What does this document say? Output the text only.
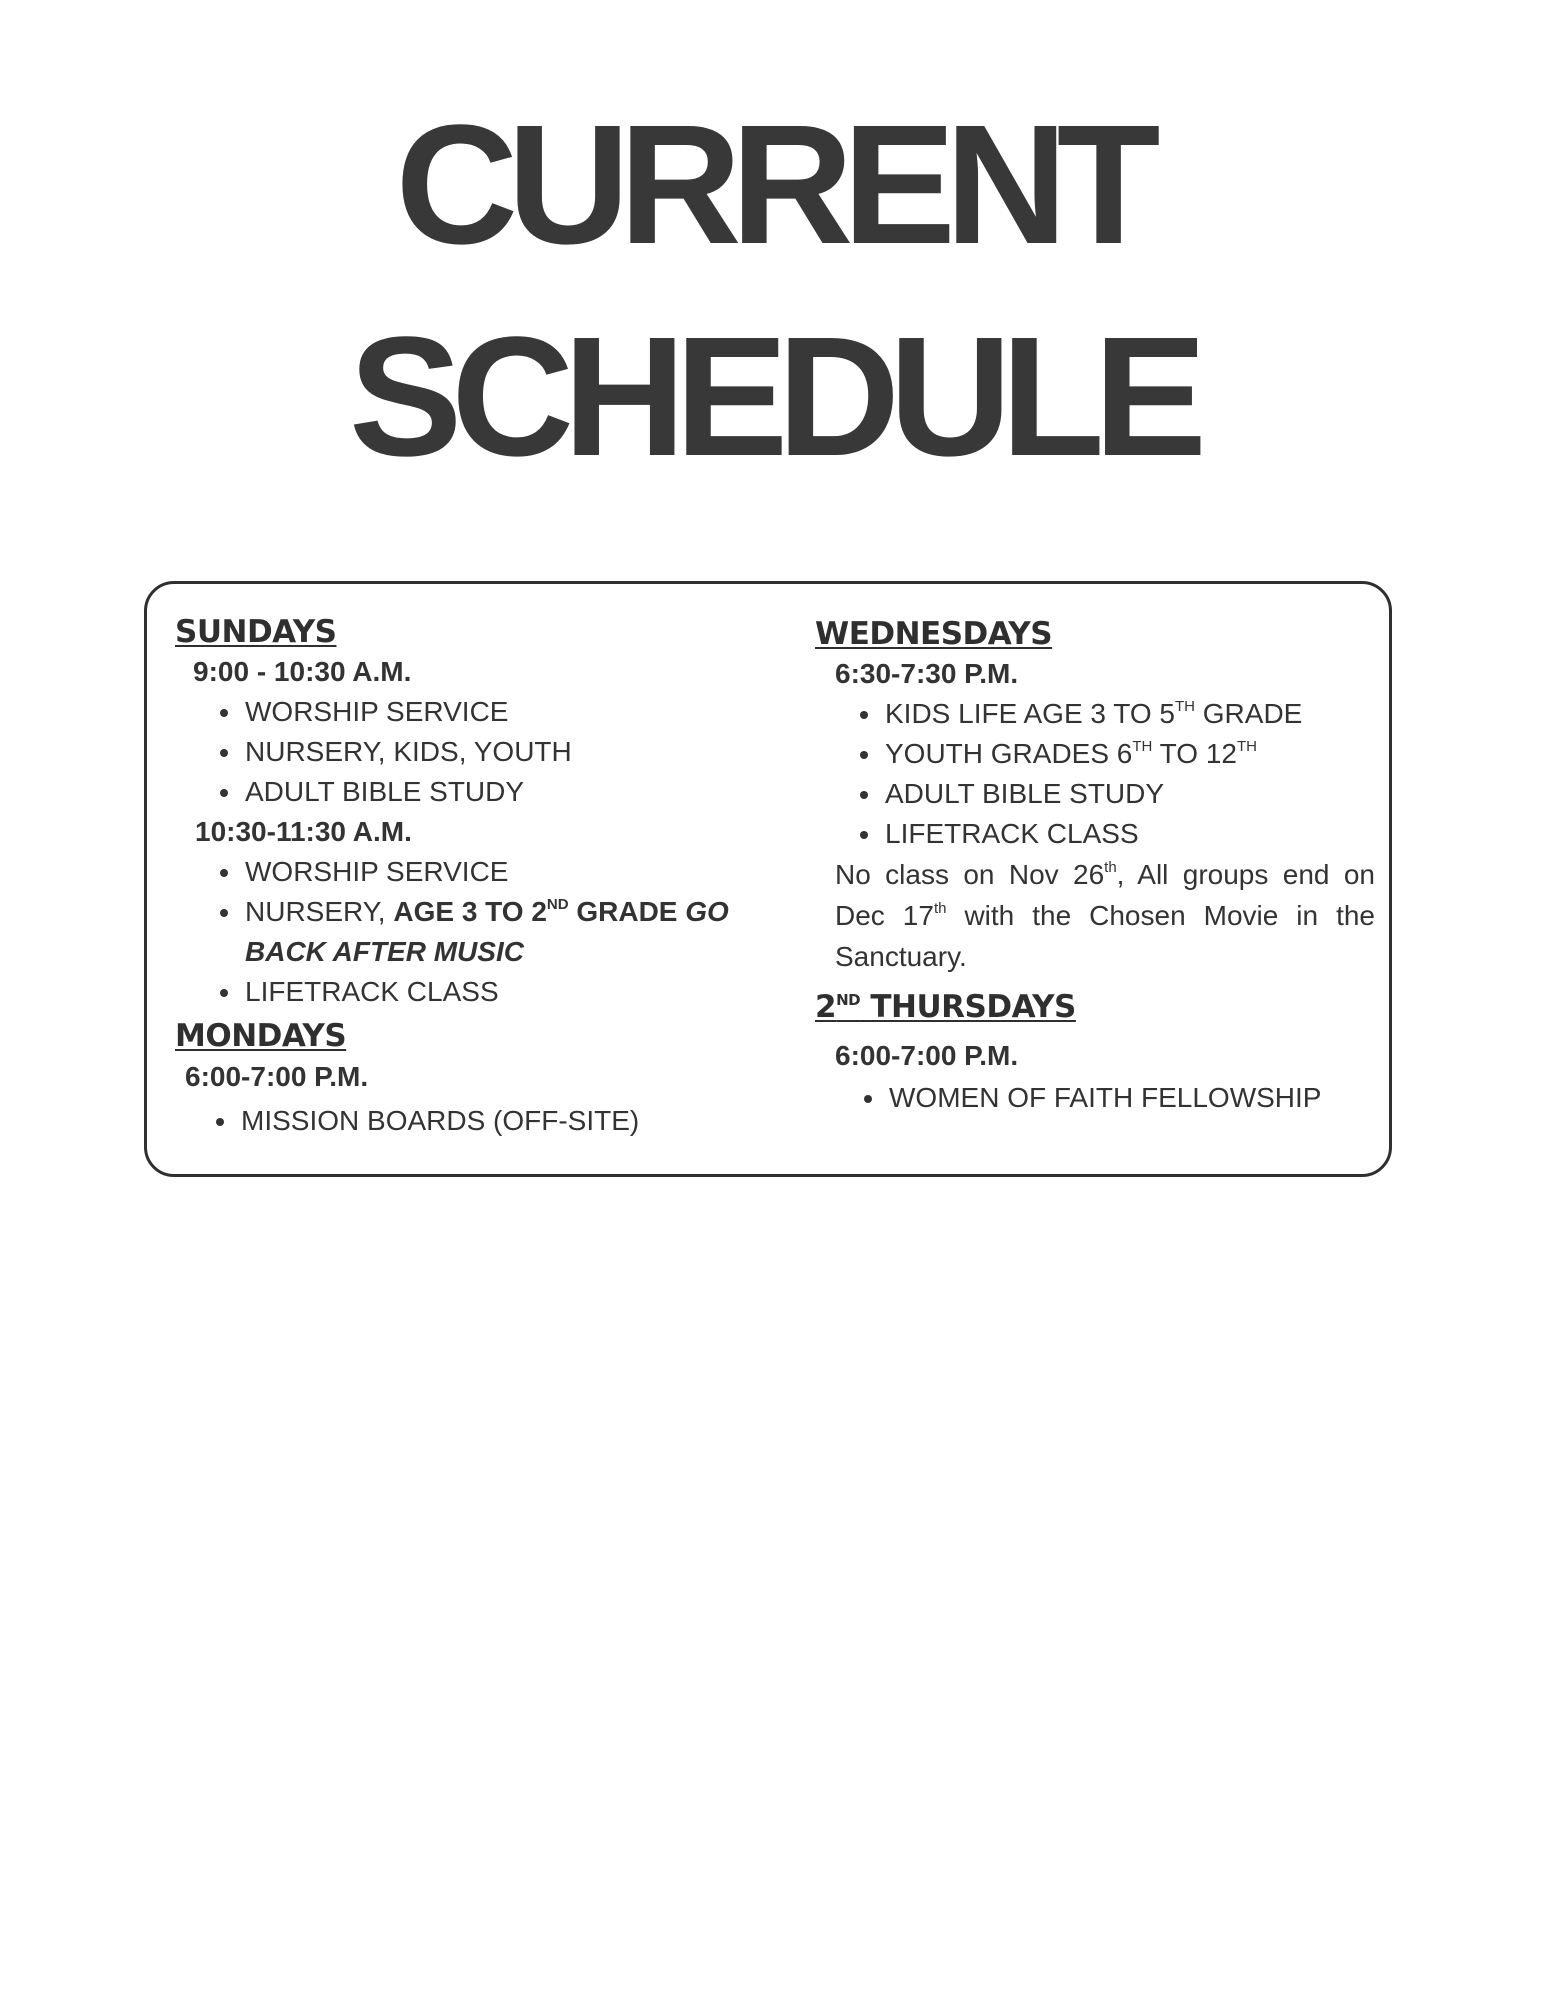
CURRENT
SCHEDULE
SUNDAYS

9:00 - 10:30 A.M.

• WORSHIP SERVICE
• NURSERY, KIDS, YOUTH
• ADULT BIBLE STUDY

10:30-11:30 A.M.

• WORSHIP SERVICE
• NURSERY, AGE 3 TO 2ND GRADE GO BACK AFTER MUSIC
• LIFETRACK CLASS
MONDAYS

6:00-7:00 P.M.

• MISSION BOARDS (OFF-SITE)
WEDNESDAYS

6:30-7:30 P.M.

• KIDS LIFE AGE 3 TO 5TH GRADE
• YOUTH GRADES 6TH TO 12TH
• ADULT BIBLE STUDY
• LIFETRACK CLASS

No class on Nov 26th, All groups end on Dec 17th with the Chosen Movie in the Sanctuary.

2ND THURSDAYS

6:00-7:00 P.M.

• WOMEN OF FAITH FELLOWSHIP
